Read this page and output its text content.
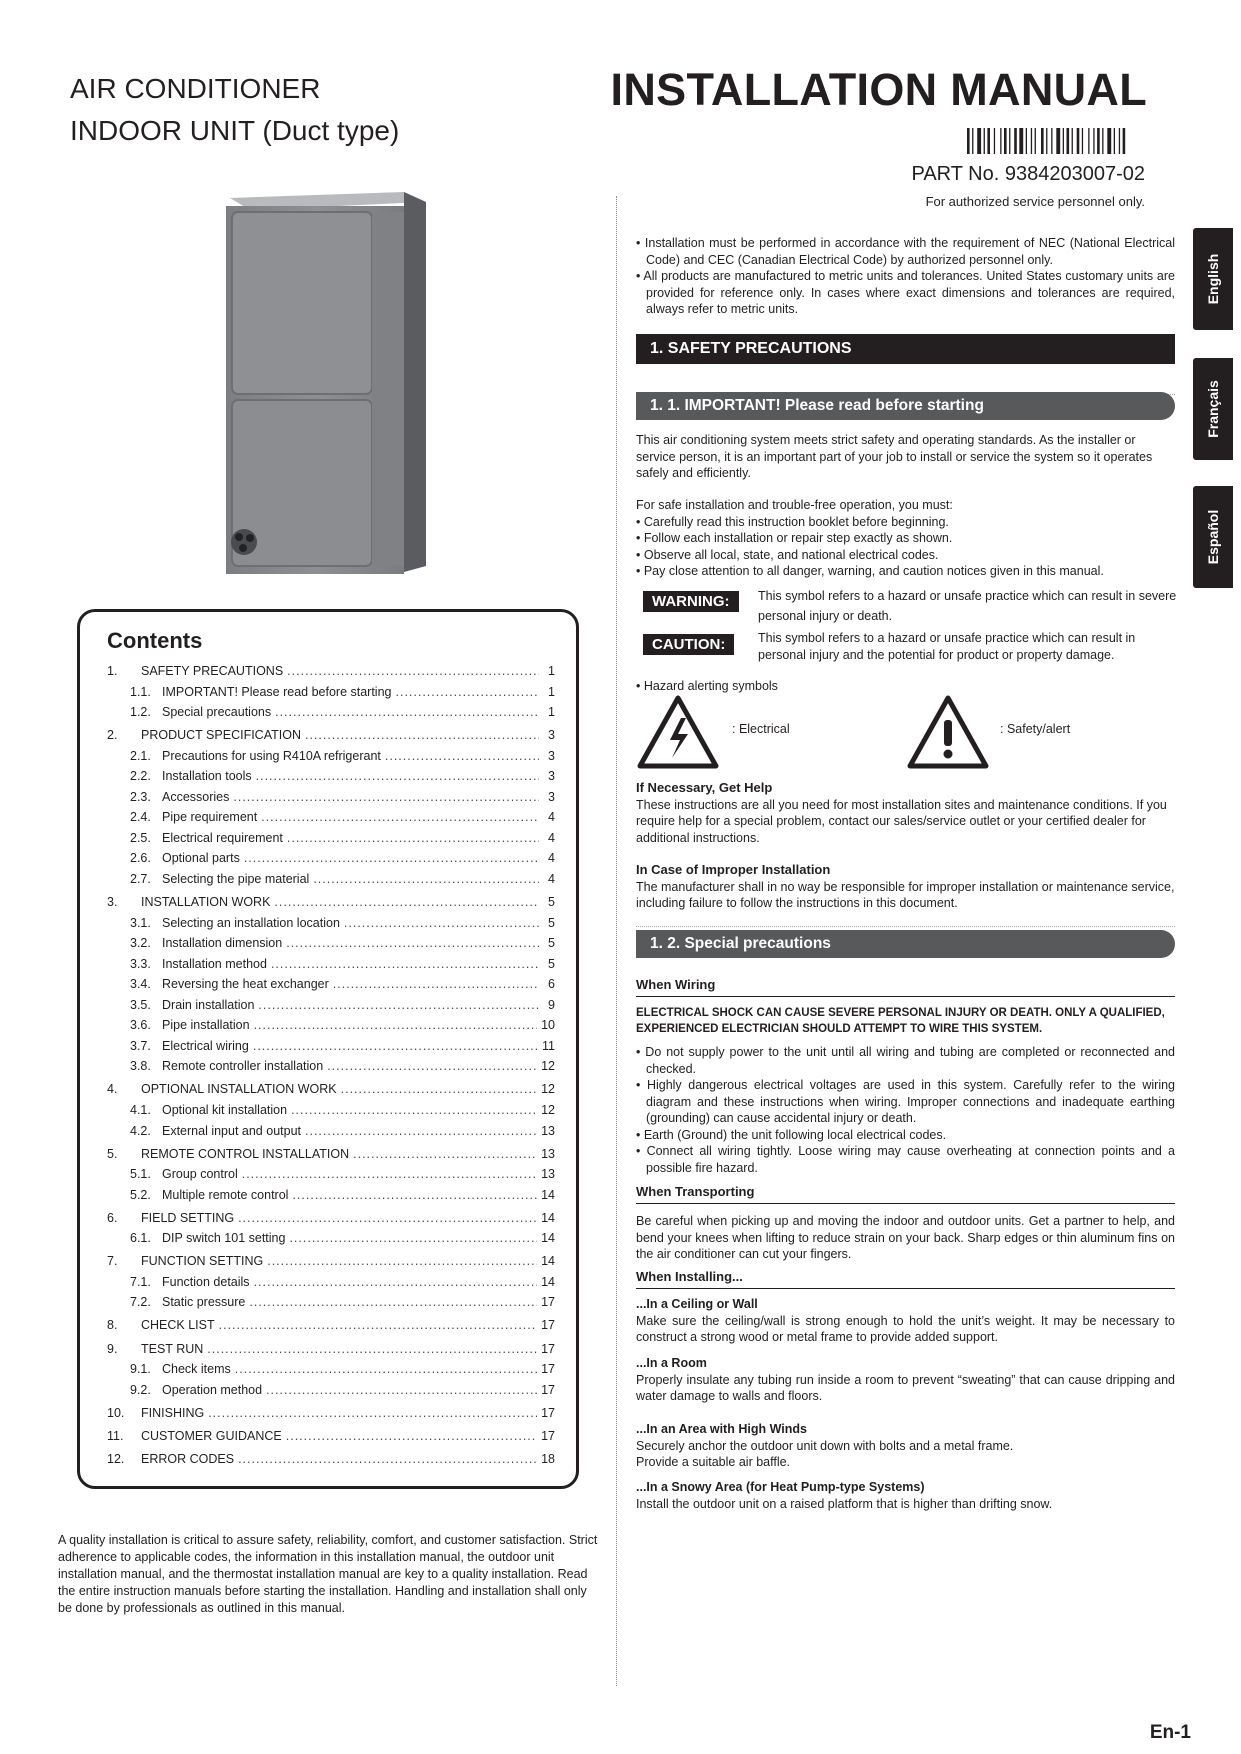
AIR CONDITIONER
INDOOR UNIT (Duct type)
INSTALLATION MANUAL
PART No. 9384203007-02
For authorized service personnel only.
English
Français
Español
Contents
1.	SAFETY PRECAUTIONS .....	1
1.1. IMPORTANT! Please read before starting .....	1
1.2. Special precautions .....	1
2.	PRODUCT SPECIFICATION .....	3
2.1. Precautions for using R410A refrigerant .....	3
2.2. Installation tools .....	3
2.3. Accessories .....	3
2.4. Pipe requirement .....	4
2.5. Electrical requirement .....	4
2.6. Optional parts .....	4
2.7. Selecting the pipe material .....	4
3.	INSTALLATION WORK .....	5
3.1. Selecting an installation location .....	5
3.2. Installation dimension .....	5
3.3. Installation method .....	5
3.4. Reversing the heat exchanger .....	6
3.5. Drain installation .....	9
3.6. Pipe installation .....	10
3.7. Electrical wiring .....	11
3.8. Remote controller installation .....	12
4.	OPTIONAL INSTALLATION WORK .....	12
4.1. Optional kit installation .....	12
4.2. External input and output .....	13
5.	REMOTE CONTROL INSTALLATION .....	13
5.1. Group control .....	13
5.2. Multiple remote control .....	14
6.	FIELD SETTING .....	14
6.1. DIP switch 101 setting .....	14
7.	FUNCTION SETTING .....	14
7.1. Function details .....	14
7.2. Static pressure .....	17
8.	CHECK LIST .....	17
9.	TEST RUN .....	17
9.1. Check items .....	17
9.2. Operation method .....	17
10.	FINISHING .....	17
11.	CUSTOMER GUIDANCE .....	17
12.	ERROR CODES .....	18
A quality installation is critical to assure safety, reliability, comfort, and customer satisfaction. Strict adherence to applicable codes, the information in this installation manual, the outdoor unit installation manual, and the thermostat installation manual are key to a quality installation. Read the entire instruction manuals before starting the installation. Handling and installation shall only be done by professionals as outlined in this manual.

• Installation must be performed in accordance with the requirement of NEC (National Electrical Code) and CEC (Canadian Electrical Code) by authorized personnel only.

• All products are manufactured to metric units and tolerances. United States customary units are provided for reference only. In cases where exact dimensions and tolerances are required, always refer to metric units.

1. SAFETY PRECAUTIONS
1. 1. IMPORTANT! Please read before starting
This air conditioning system meets strict safety and operating standards. As the installer or service person, it is an important part of your job to install or service the system so it operates safely and efficiently.
For safe installation and trouble-free operation, you must:
• Carefully read this instruction booklet before beginning.
• Follow each installation or repair step exactly as shown.
• Observe all local, state, and national electrical codes.
• Pay close attention to all danger, warning, and caution notices given in this manual.
WARNING:	This symbol refers to a hazard or unsafe practice which can result in severe personal injury or death.
CAUTION:	This symbol refers to a hazard or unsafe practice which can result in personal injury and the potential for product or property damage.
• Hazard alerting symbols
: Electrical	: Safety/alert
If Necessary, Get Help
These instructions are all you need for most installation sites and maintenance conditions. If you require help for a special problem, contact our sales/service outlet or your certified dealer for additional instructions.
In Case of Improper Installation
The manufacturer shall in no way be responsible for improper installation or maintenance service, including failure to follow the instructions in this document.
1. 2. Special precautions
When Wiring
ELECTRICAL SHOCK CAN CAUSE SEVERE PERSONAL INJURY OR DEATH. ONLY A QUALIFIED, EXPERIENCED ELECTRICIAN SHOULD ATTEMPT TO WIRE THIS SYSTEM.

• Do not supply power to the unit until all wiring and tubing are completed or reconnected and checked.

• Highly dangerous electrical voltages are used in this system. Carefully refer to the wiring diagram and these instructions when wiring. Improper connections and inadequate earthing (grounding) can cause accidental injury or death.

• Earth (Ground) the unit following local electrical codes.

• Connect all wiring tightly. Loose wiring may cause overheating at connection points and a possible fire hazard.

When Transporting
Be careful when picking up and moving the indoor and outdoor units. Get a partner to help, and bend your knees when lifting to reduce strain on your back. Sharp edges or thin aluminum fins on the air conditioner can cut your fingers.
When Installing...
...In a Ceiling or Wall
Make sure the ceiling/wall is strong enough to hold the unit’s weight. It may be necessary to construct a strong wood or metal frame to provide added support.
...In a Room
Properly insulate any tubing run inside a room to prevent “sweating” that can cause dripping and water damage to walls and floors.
...In an Area with High Winds
Securely anchor the outdoor unit down with bolts and a metal frame.
Provide a suitable air baffle.
...In a Snowy Area (for Heat Pump-type Systems)
Install the outdoor unit on a raised platform that is higher than drifting snow.
En-1
